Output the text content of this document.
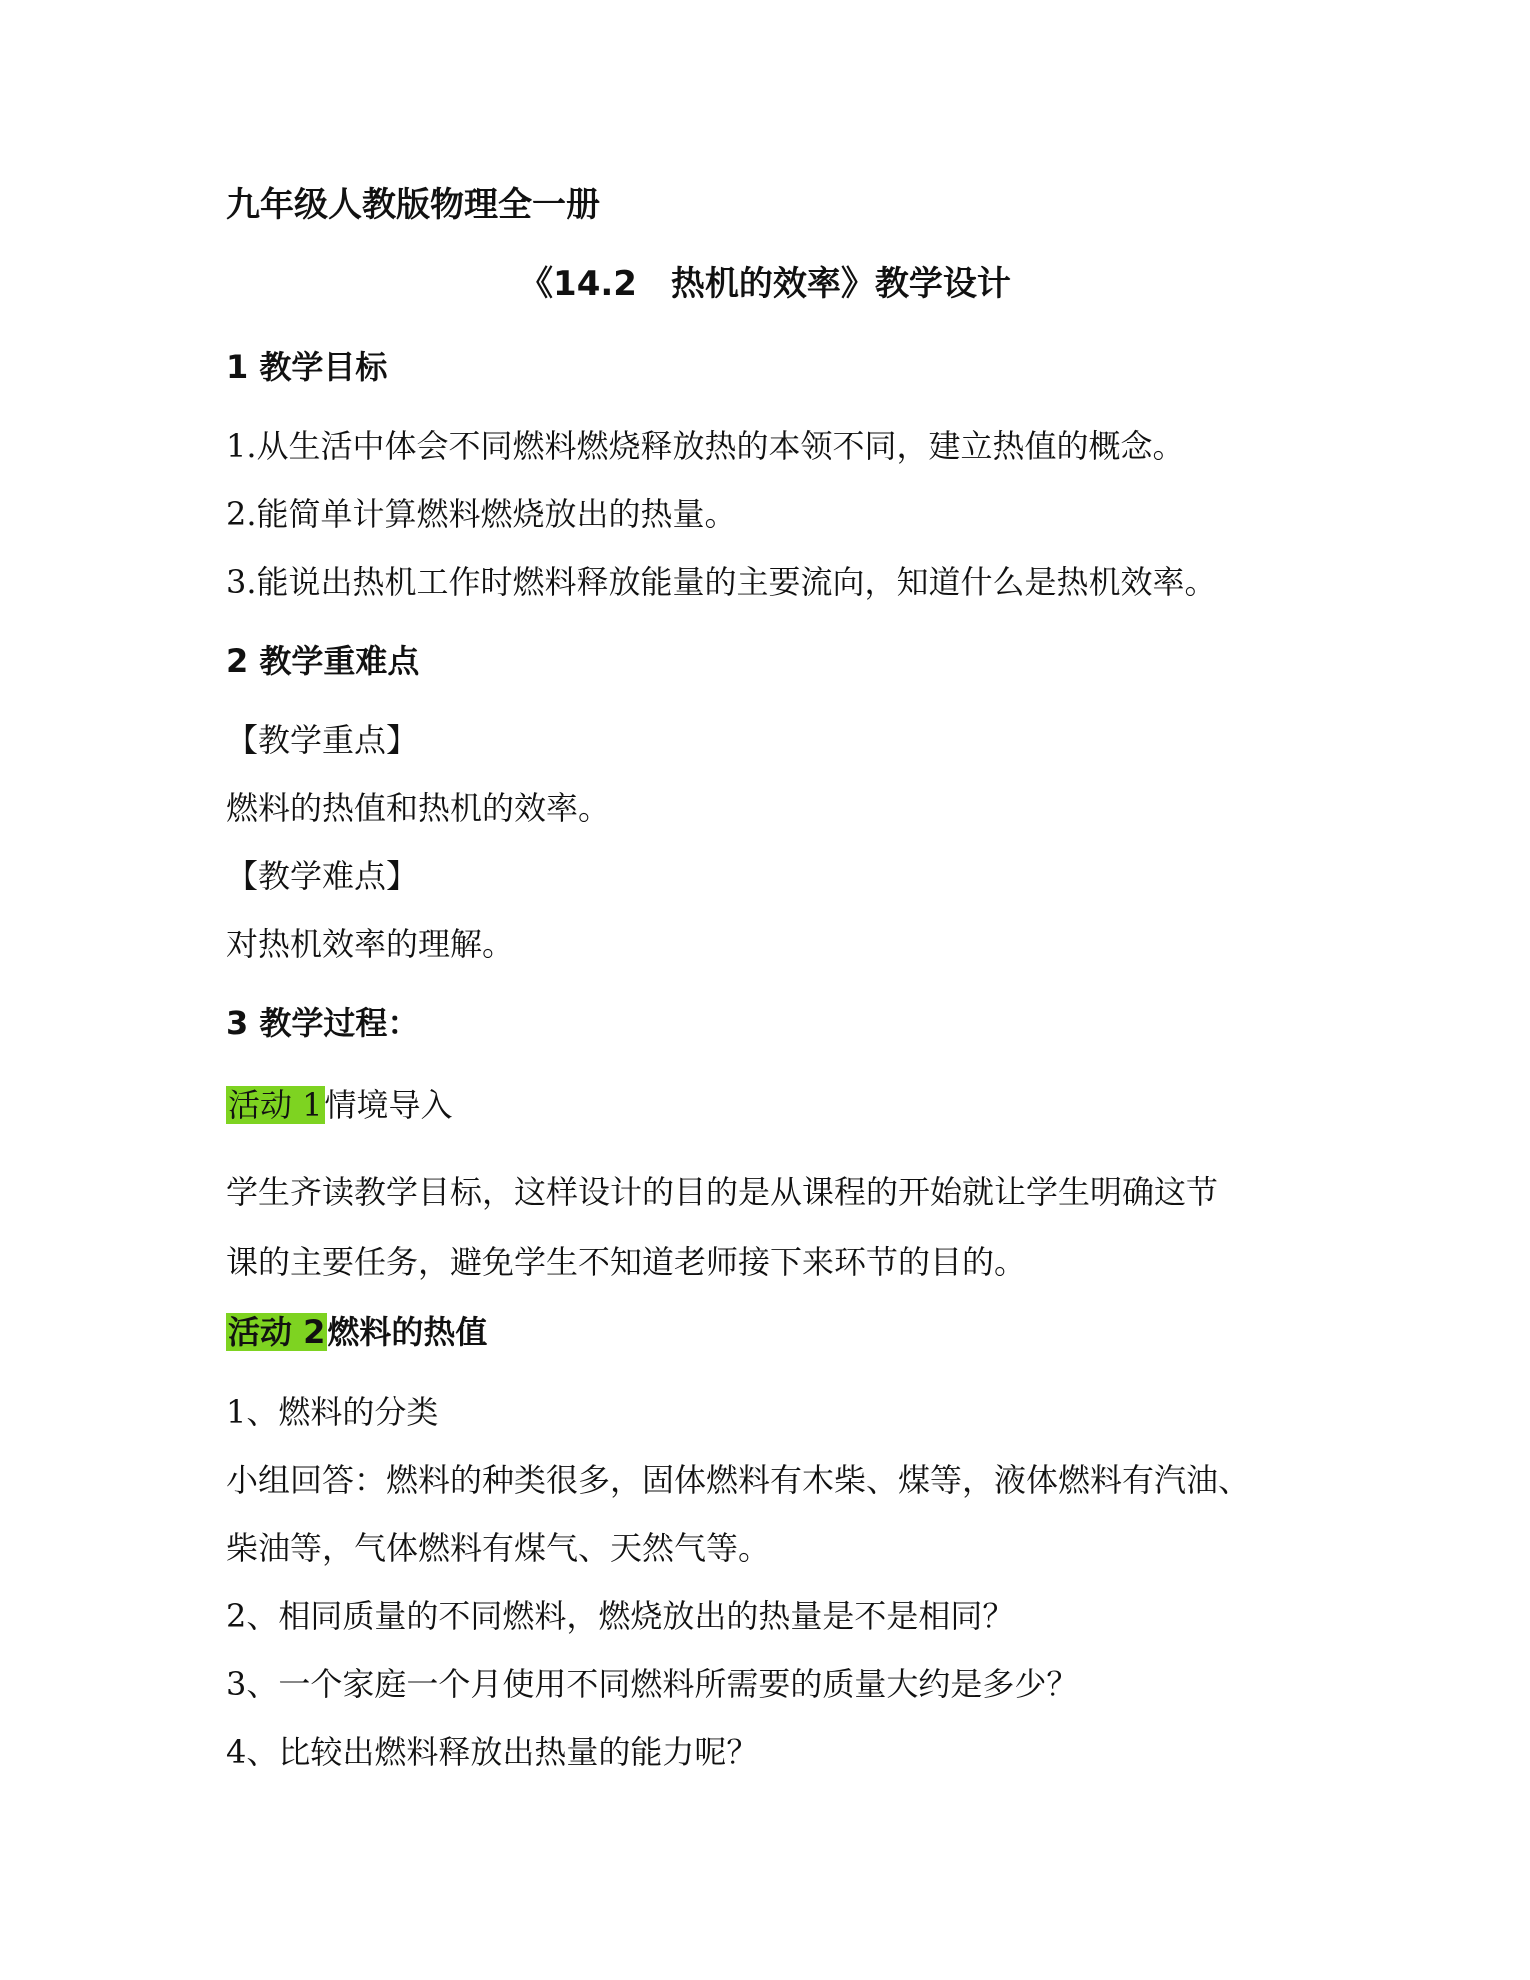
九年级人教版物理全一册
《14.2　热机的效率》教学设计
1 教学目标
1.从生活中体会不同燃料燃烧释放热的本领不同，建立热值的概念。
2.能简单计算燃料燃烧放出的热量。
3.能说出热机工作时燃料释放能量的主要流向，知道什么是热机效率。
2 教学重难点
【教学重点】
燃料的热值和热机的效率。
【教学难点】
对热机效率的理解。
3 教学过程：
活动 1情境导入
学生齐读教学目标，这样设计的目的是从课程的开始就让学生明确这节
课的主要任务，避免学生不知道老师接下来环节的目的。
活动 2燃料的热值
1、燃料的分类
小组回答：燃料的种类很多，固体燃料有木柴、煤等，液体燃料有汽油、
柴油等，气体燃料有煤气、天然气等。
2、相同质量的不同燃料，燃烧放出的热量是不是相同？
3、一个家庭一个月使用不同燃料所需要的质量大约是多少？
4、比较出燃料释放出热量的能力呢？
